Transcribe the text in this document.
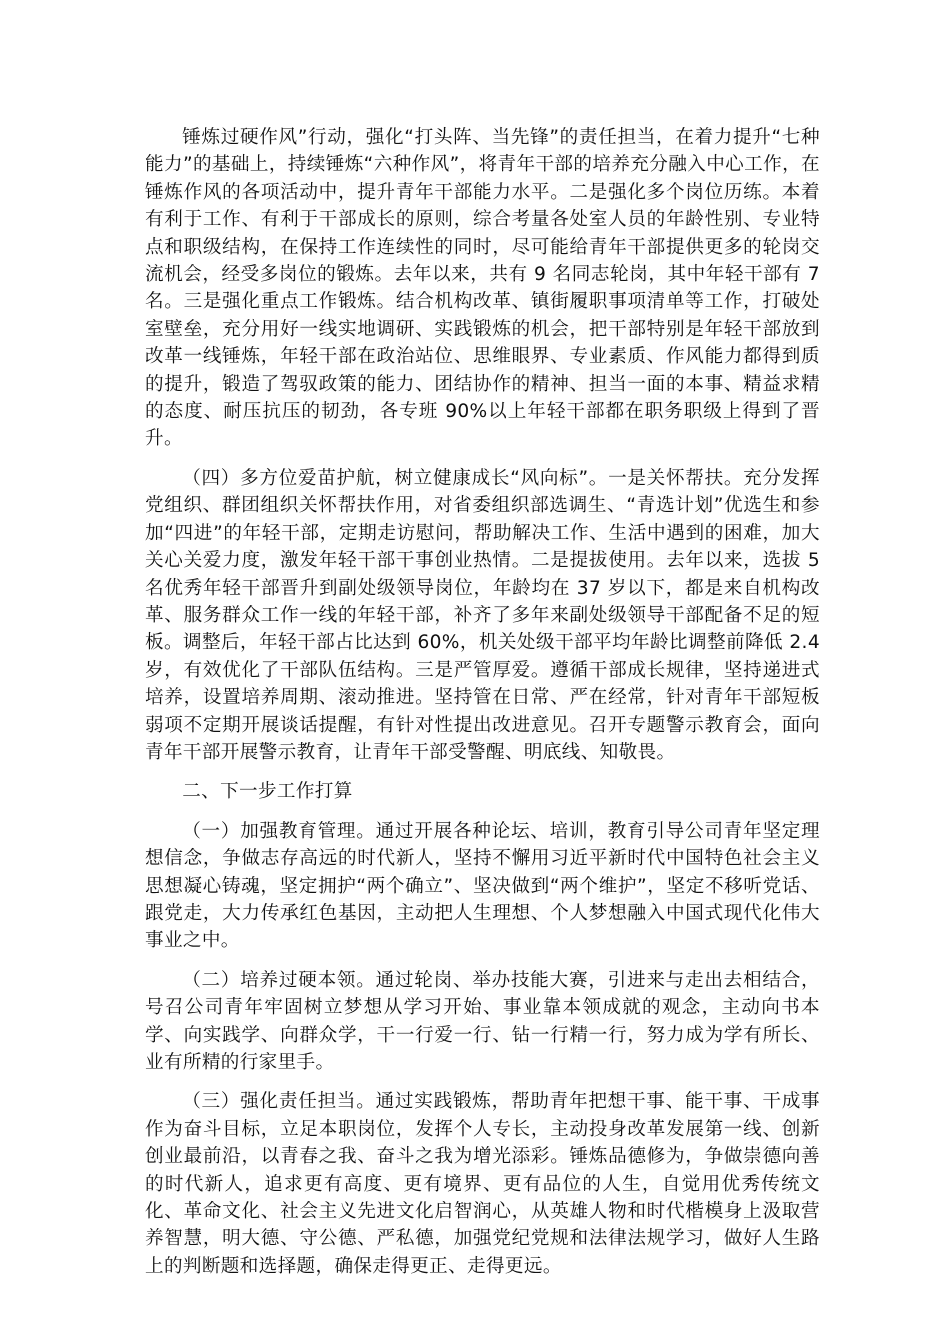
锤炼过硬作风”行动，强化“打头阵、当先锋”的责任担当，在着力提升“七种能力”的基础上，持续锤炼“六种作风”，将青年干部的培养充分融入中心工作，在锤炼作风的各项活动中，提升青年干部能力水平。二是强化多个岗位历练。本着有利于工作、有利于干部成长的原则，综合考量各处室人员的年龄性别、专业特点和职级结构，在保持工作连续性的同时，尽可能给青年干部提供更多的轮岗交流机会，经受多岗位的锻炼。去年以来，共有 9 名同志轮岗，其中年轻干部有 7 名。三是强化重点工作锻炼。结合机构改革、镇街履职事项清单等工作，打破处室壁垒，充分用好一线实地调研、实践锻炼的机会，把干部特别是年轻干部放到改革一线锤炼，年轻干部在政治站位、思维眼界、专业素质、作风能力都得到质的提升，锻造了驾驭政策的能力、团结协作的精神、担当一面的本事、精益求精的态度、耐压抗压的韧劲，各专班 90%以上年轻干部都在职务职级上得到了晋升。

（四）多方位爱苗护航，树立健康成长“风向标”。一是关怀帮扶。充分发挥党组织、群团组织关怀帮扶作用，对省委组织部选调生、“青选计划”优选生和参加“四进”的年轻干部，定期走访慰问，帮助解决工作、生活中遇到的困难，加大关心关爱力度，激发年轻干部干事创业热情。二是提拔使用。去年以来，选拔 5 名优秀年轻干部晋升到副处级领导岗位，年龄均在 37 岁以下，都是来自机构改革、服务群众工作一线的年轻干部，补齐了多年来副处级领导干部配备不足的短板。调整后，年轻干部占比达到 60%，机关处级干部平均年龄比调整前降低 2.4 岁，有效优化了干部队伍结构。三是严管厚爱。遵循干部成长规律，坚持递进式培养，设置培养周期、滚动推进。坚持管在日常、严在经常，针对青年干部短板弱项不定期开展谈话提醒，有针对性提出改进意见。召开专题警示教育会，面向青年干部开展警示教育，让青年干部受警醒、明底线、知敬畏。

二、下一步工作打算

（一）加强教育管理。通过开展各种论坛、培训，教育引导公司青年坚定理想信念，争做志存高远的时代新人，坚持不懈用习近平新时代中国特色社会主义思想凝心铸魂，坚定拥护“两个确立”、坚决做到“两个维护”，坚定不移听党话、跟党走，大力传承红色基因，主动把人生理想、个人梦想融入中国式现代化伟大事业之中。

（二）培养过硬本领。通过轮岗、举办技能大赛，引进来与走出去相结合，号召公司青年牢固树立梦想从学习开始、事业靠本领成就的观念，主动向书本学、向实践学、向群众学，干一行爱一行、钻一行精一行，努力成为学有所长、业有所精的行家里手。

（三）强化责任担当。通过实践锻炼，帮助青年把想干事、能干事、干成事作为奋斗目标，立足本职岗位，发挥个人专长，主动投身改革发展第一线、创新创业最前沿，以青春之我、奋斗之我为增光添彩。锤炼品德修为，争做崇德向善的时代新人，追求更有高度、更有境界、更有品位的人生，自觉用优秀传统文化、革命文化、社会主义先进文化启智润心，从英雄人物和时代楷模身上汲取营养智慧，明大德、守公德、严私德，加强党纪党规和法律法规学习，做好人生路上的判断题和选择题，确保走得更正、走得更远。
